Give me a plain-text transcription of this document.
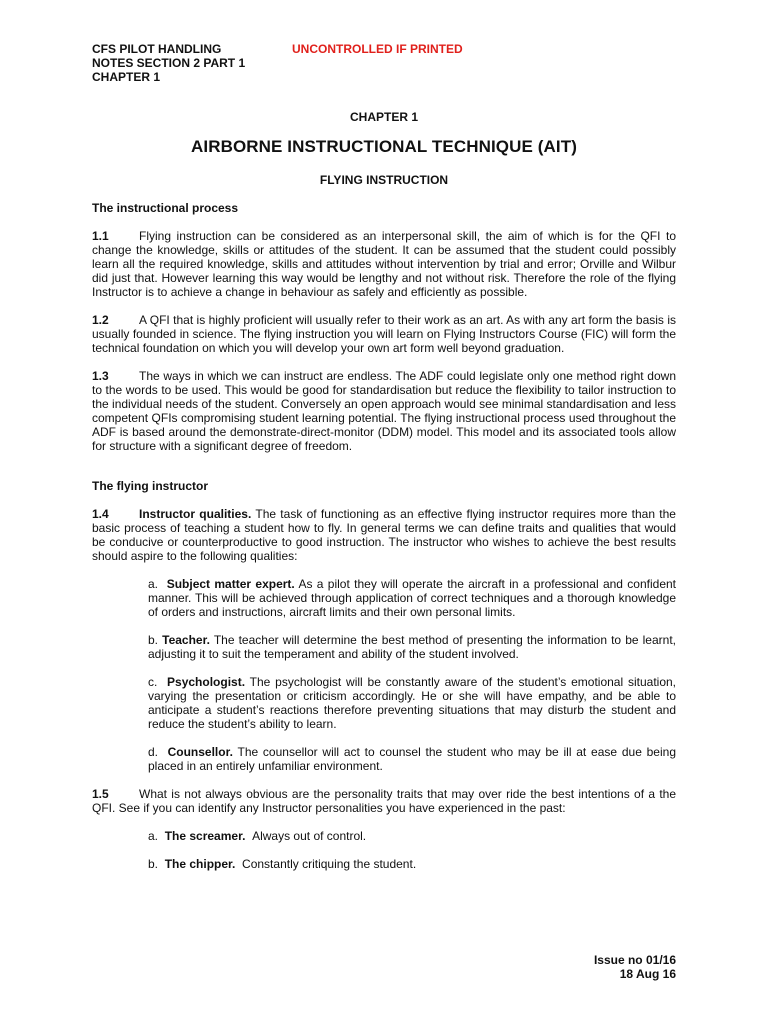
CFS PILOT HANDLING
NOTES SECTION 2 PART 1
CHAPTER 1
UNCONTROLLED IF PRINTED
CHAPTER 1
AIRBORNE INSTRUCTIONAL TECHNIQUE (AIT)
FLYING INSTRUCTION
The instructional process
1.1	Flying instruction can be considered as an interpersonal skill, the aim of which is for the QFI to change the knowledge, skills or attitudes of the student. It can be assumed that the student could possibly learn all the required knowledge, skills and attitudes without intervention by trial and error; Orville and Wilbur did just that. However learning this way would be lengthy and not without risk. Therefore the role of the flying Instructor is to achieve a change in behaviour as safely and efficiently as possible.
1.2	A QFI that is highly proficient will usually refer to their work as an art. As with any art form the basis is usually founded in science. The flying instruction you will learn on Flying Instructors Course (FIC) will form the technical foundation on which you will develop your own art form well beyond graduation.
1.3	The ways in which we can instruct are endless. The ADF could legislate only one method right down to the words to be used. This would be good for standardisation but reduce the flexibility to tailor instruction to the individual needs of the student. Conversely an open approach would see minimal standardisation and less competent QFIs compromising student learning potential. The flying instructional process used throughout the ADF is based around the demonstrate-direct-monitor (DDM) model. This model and its associated tools allow for structure with a significant degree of freedom.
The flying instructor
1.4	Instructor qualities. The task of functioning as an effective flying instructor requires more than the basic process of teaching a student how to fly. In general terms we can define traits and qualities that would be conducive or counterproductive to good instruction. The instructor who wishes to achieve the best results should aspire to the following qualities:
a. Subject matter expert. As a pilot they will operate the aircraft in a professional and confident manner. This will be achieved through application of correct techniques and a thorough knowledge of orders and instructions, aircraft limits and their own personal limits.
b. Teacher. The teacher will determine the best method of presenting the information to be learnt, adjusting it to suit the temperament and ability of the student involved.
c. Psychologist. The psychologist will be constantly aware of the student’s emotional situation, varying the presentation or criticism accordingly. He or she will have empathy, and be able to anticipate a student’s reactions therefore preventing situations that may disturb the student and reduce the student’s ability to learn.
d. Counsellor. The counsellor will act to counsel the student who may be ill at ease due being placed in an entirely unfamiliar environment.
1.5	What is not always obvious are the personality traits that may over ride the best intentions of a the QFI. See if you can identify any Instructor personalities you have experienced in the past:
a. The screamer. Always out of control.
b. The chipper. Constantly critiquing the student.
Issue no 01/16
18 Aug 16
